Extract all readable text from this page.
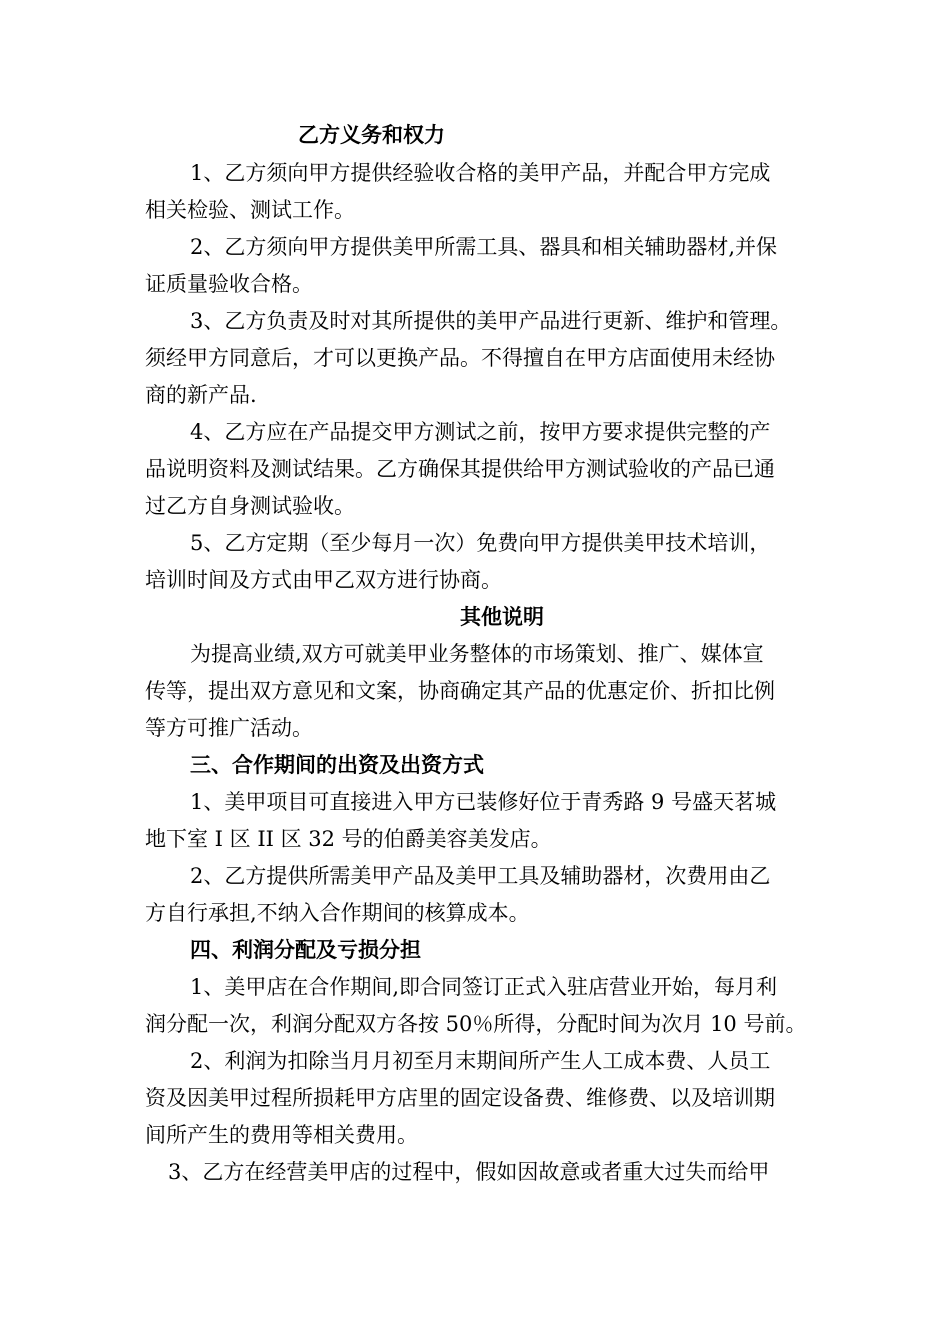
乙方义务和权力
1、乙方须向甲方提供经验收合格的美甲产品，并配合甲方完成
相关检验、测试工作。
2、乙方须向甲方提供美甲所需工具、器具和相关辅助器材,并保
证质量验收合格。
3、乙方负责及时对其所提供的美甲产品进行更新、维护和管理。
须经甲方同意后，才可以更换产品。不得擅自在甲方店面使用未经协
商的新产品.
4、乙方应在产品提交甲方测试之前，按甲方要求提供完整的产
品说明资料及测试结果。乙方确保其提供给甲方测试验收的产品已通
过乙方自身测试验收。
5、乙方定期（至少每月一次）免费向甲方提供美甲技术培训，
培训时间及方式由甲乙双方进行协商。
其他说明
为提高业绩,双方可就美甲业务整体的市场策划、推广、媒体宣
传等，提出双方意见和文案，协商确定其产品的优惠定价、折扣比例
等方可推广活动。
三、合作期间的出资及出资方式
1、美甲项目可直接进入甲方已装修好位于青秀路 9 号盛天茗城
地下室 I 区 II 区 32 号的伯爵美容美发店。
2、乙方提供所需美甲产品及美甲工具及辅助器材，次费用由乙
方自行承担,不纳入合作期间的核算成本。
四、利润分配及亏损分担
1、美甲店在合作期间,即合同签订正式入驻店营业开始，每月利
润分配一次，利润分配双方各按 50％所得，分配时间为次月 10 号前。
2、利润为扣除当月月初至月末期间所产生人工成本费、人员工
资及因美甲过程所损耗甲方店里的固定设备费、维修费、以及培训期
间所产生的费用等相关费用。
3、乙方在经营美甲店的过程中，假如因故意或者重大过失而给甲
